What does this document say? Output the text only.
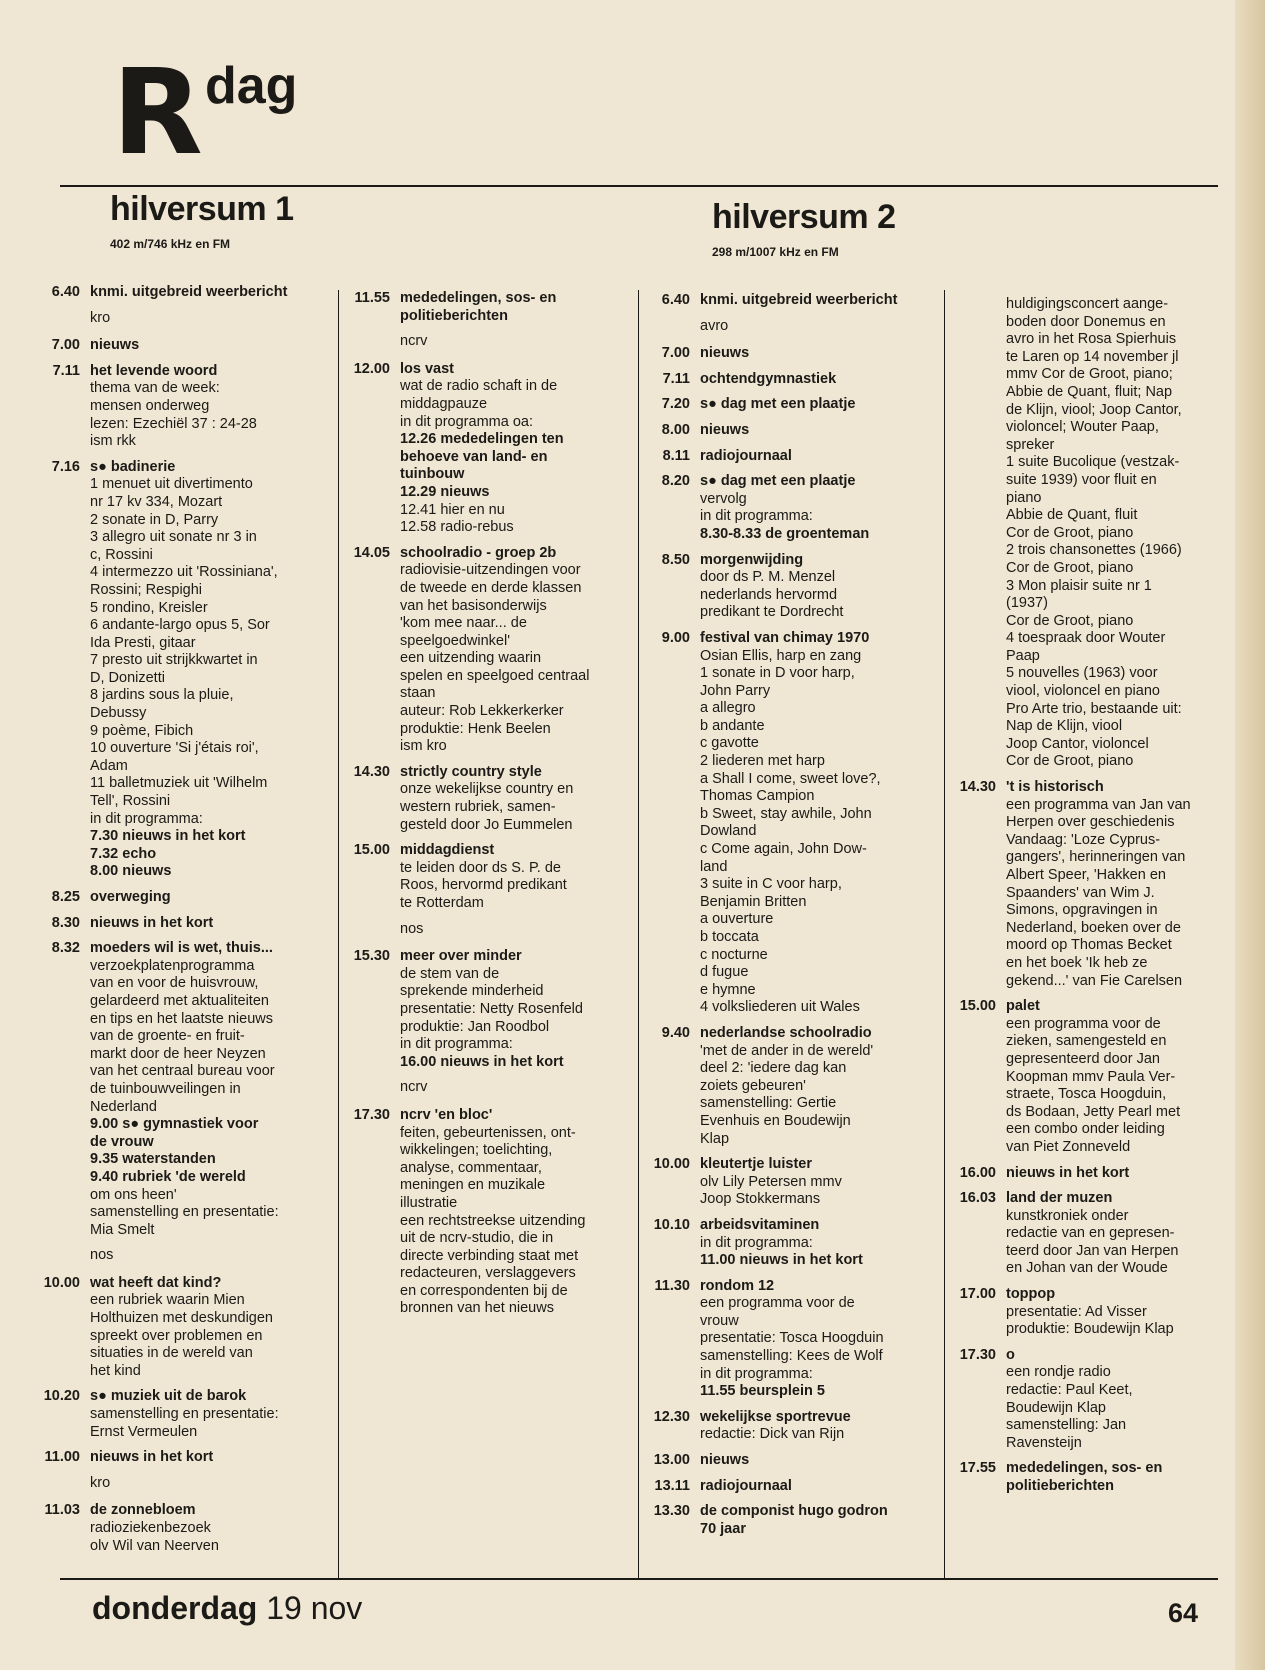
R dag
hilversum 1
402 m/746 kHz en FM
hilversum 2
298 m/1007 kHz en FM
6.40 knmi. uitgebreid weerbericht
kro
7.00 nieuws
7.11 het levende woord
thema van de week:
mensen onderweg
lezen: Ezechiël 37 : 24-28
ism rkk
7.16 s● badinerie
1 menuet uit divertimento
nr 17 kv 334, Mozart
2 sonate in D, Parry
3 allegro uit sonate nr 3 in
c, Rossini
4 intermezzo uit 'Rossiniana',
Rossini; Respighi
5 rondino, Kreisler
6 andante-largo opus 5, Sor
Ida Presti, gitaar
7 presto uit strijkkwartet in
D, Donizetti
8 jardins sous la pluie,
Debussy
9 poème, Fibich
10 ouverture 'Si j'étais roi',
Adam
11 balletmuziek uit 'Wilhelm
Tell', Rossini
in dit programma:
7.30 nieuws in het kort
7.32 echo
8.00 nieuws
8.25 overweging
8.30 nieuws in het kort
8.32 moeders wil is wet, thuis...
verzoekplatenprogramma
van en voor de huisvrouw,
gelardeerd met aktualiteiten
en tips en het laatste nieuws
van de groente- en fruit-
markt door de heer Neyzen
van het centraal bureau voor
de tuinbouwveilingen in
Nederland
9.00 s● gymnastiek voor
de vrouw
9.35 waterstanden
9.40 rubriek 'de wereld
om ons heen'
samenstelling en presentatie:
Mia Smelt
nos
10.00 wat heeft dat kind?
een rubriek waarin Mien
Holthuizen met deskundigen
spreekt over problemen en
situaties in de wereld van
het kind
10.20 s● muziek uit de barok
samenstelling en presentatie:
Ernst Vermeulen
11.00 nieuws in het kort
kro
11.03 de zonnebloem
radioziekenbezoek
olv Wil van Neerven
11.55 mededelingen, sos- en
politieberichten
ncrv
12.00 los vast
wat de radio schaft in de
middagpauze
in dit programma oa:
12.26 mededelingen ten
behoeve van land- en
tuinbouw
12.29 nieuws
12.41 hier en nu
12.58 radio-rebus
14.05 schoolradio - groep 2b
radiovisie-uitzendingen voor
de tweede en derde klassen
van het basisonderwijs
'kom mee naar... de
speelgoedwinkel'
een uitzending waarin
spelen en speelgoed centraal
staan
auteur: Rob Lekkerkerker
produktie: Henk Beelen
ism kro
14.30 strictly country style
onze wekelijkse country en
western rubriek, samen-
gesteld door Jo Eummelen
15.00 middagdienst
te leiden door ds S. P. de
Roos, hervormd predikant
te Rotterdam
nos
15.30 meer over minder
de stem van de
sprekende minderheid
presentatie: Netty Rosenfeld
produktie: Jan Roodbol
in dit programma:
16.00 nieuws in het kort
ncrv
17.30 ncrv 'en bloc'
feiten, gebeurtenissen, ont-
wikkelingen; toelichting,
analyse, commentaar,
meningen en muzikale
illustratie
een rechtstreekse uitzending
uit de ncrv-studio, die in
directe verbinding staat met
redacteuren, verslaggevers
en correspondenten bij de
bronnen van het nieuws
6.40 knmi. uitgebreid weerbericht
avro
7.00 nieuws
7.11 ochtendgymnastiek
7.20 s● dag met een plaatje
8.00 nieuws
8.11 radiojournaal
8.20 s● dag met een plaatje
vervolg
in dit programma:
8.30-8.33 de groenteman
8.50 morgenwijding
door ds P. M. Menzel
nederlands hervormd
predikant te Dordrecht
9.00 festival van chimay 1970
Osian Ellis, harp en zang
1 sonate in D voor harp,
John Parry
a allegro
b andante
c gavotte
2 liederen met harp
a Shall I come, sweet love?,
Thomas Campion
b Sweet, stay awhile, John
Dowland
c Come again, John Dow-
land
3 suite in C voor harp,
Benjamin Britten
a ouverture
b toccata
c nocturne
d fugue
e hymne
4 volksliederen uit Wales
9.40 nederlandse schoolradio
'met de ander in de wereld'
deel 2: 'iedere dag kan
zoiets gebeuren'
samenstelling: Gertie
Evenhuis en Boudewijn
Klap
10.00 kleutertje luister
olv Lily Petersen mmv
Joop Stokkermans
10.10 arbeidsvitaminen
in dit programma:
11.00 nieuws in het kort
11.30 rondom 12
een programma voor de
vrouw
presentatie: Tosca Hoogduin
samenstelling: Kees de Wolf
in dit programma:
11.55 beursplein 5
12.30 wekelijkse sportrevue
redactie: Dick van Rijn
13.00 nieuws
13.11 radiojournaal
13.30 de componist hugo godron
70 jaar
huldigingsconcert aange-
boden door Donemus en
avro in het Rosa Spierhuis
te Laren op 14 november jl
mmv Cor de Groot, piano;
Abbie de Quant, fluit; Nap
de Klijn, viool; Joop Cantor,
violoncel; Wouter Paap,
spreker
1 suite Bucolique (vestzak-
suite 1939) voor fluit en
piano
Abbie de Quant, fluit
Cor de Groot, piano
2 trois chansonettes (1966)
Cor de Groot, piano
3 Mon plaisir suite nr 1
(1937)
Cor de Groot, piano
4 toespraak door Wouter
Paap
5 nouvelles (1963) voor
viool, violoncel en piano
Pro Arte trio, bestaande uit:
Nap de Klijn, viool
Joop Cantor, violoncel
Cor de Groot, piano
14.30 't is historisch
een programma van Jan van
Herpen over geschiedenis
Vandaag: 'Loze Cyprus-
gangers', herinneringen van
Albert Speer, 'Hakken en
Spaanders' van Wim J.
Simons, opgravingen in
Nederland, boeken over de
moord op Thomas Becket
en het boek 'Ik heb ze
gekend...' van Fie Carelsen
15.00 palet
een programma voor de
zieken, samengesteld en
gepresenteerd door Jan
Koopman mmv Paula Ver-
straete, Tosca Hoogduin,
ds Bodaan, Jetty Pearl met
een combo onder leiding
van Piet Zonneveld
16.00 nieuws in het kort
16.03 land der muzen
kunstkroniek onder
redactie van en gepresen-
teerd door Jan van Herpen
en Johan van der Woude
17.00 toppop
presentatie: Ad Visser
produktie: Boudewijn Klap
17.30 o
een rondje radio
redactie: Paul Keet,
Boudewijn Klap
samenstelling: Jan
Ravensteijn
17.55 mededelingen, sos- en
politieberichten
donderdag 19 nov	64
